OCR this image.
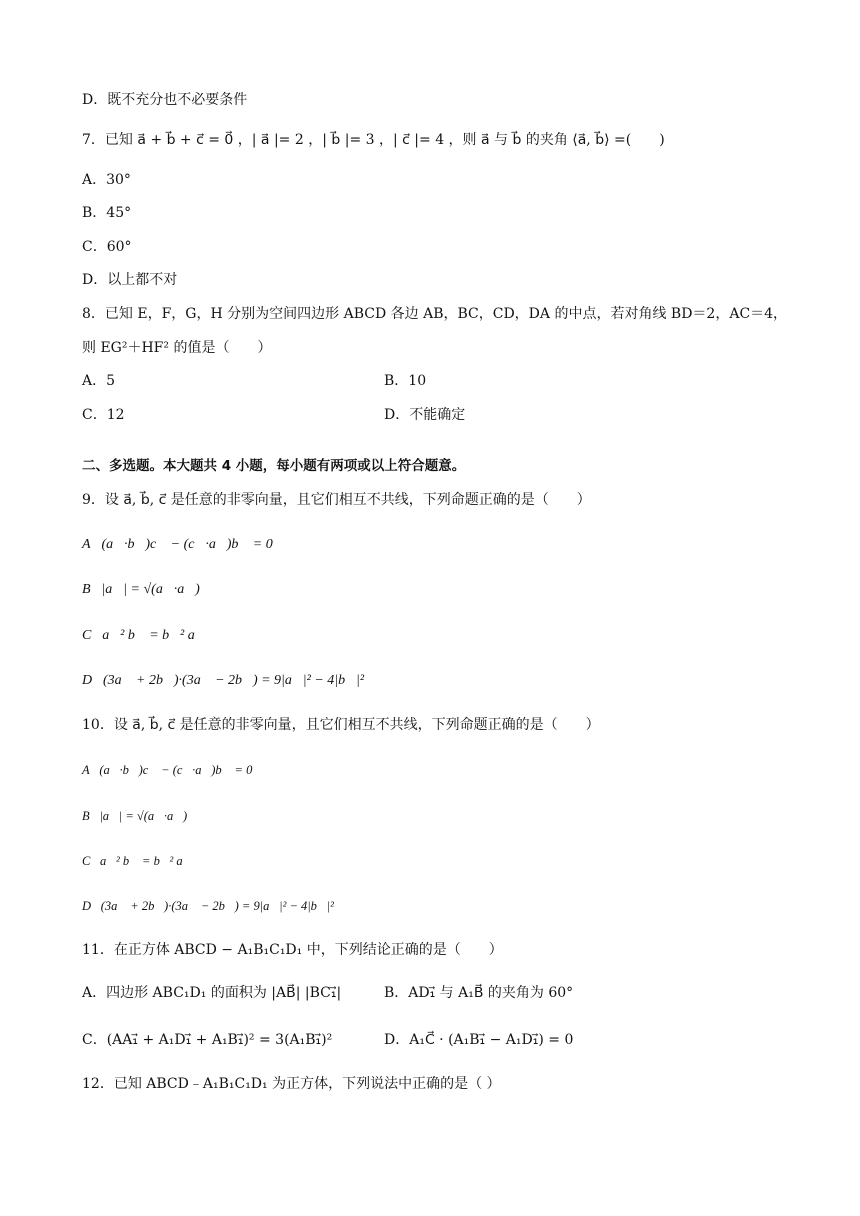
D．既不充分也不必要条件
7．已知 a⃗ + b⃗ + c⃗ = 0⃗ ，| a⃗ |= 2 ，| b⃗ |= 3 ，| c⃗ |= 4 ，则 a⃗ 与 b⃗ 的夹角 ⟨a⃗, b⃗⟩ =(　　)
A．30°
B．45°
C．60°
D．以上都不对
8．已知 E，F，G，H 分别为空间四边形 ABCD 各边 AB，BC，CD，DA 的中点，若对角线 BD＝2，AC＝4，
则 EG²＋HF² 的值是（　　）
A．5	B．10
C．12	D．不能确定
二、多选题。本大题共 4 小题，每小题有两项或以上符合题意。
9．设 a⃗, b⃗, c⃗ 是任意的非零向量，且它们相互不共线，下列命题正确的是（　　）
A．(a⃗·b⃗)c⃗ − (c⃗·a⃗)b⃗ = 0
B．|a⃗| = √(a⃗·a⃗)
C．a⃗² b⃗ = b⃗² a⃗
D．(3a⃗ + 2b⃗)·(3a⃗ − 2b⃗) = 9|a⃗|² − 4|b⃗|²
10．设 a⃗, b⃗, c⃗ 是任意的非零向量，且它们相互不共线，下列命题正确的是（　　）
A．(a⃗·b⃗)c⃗ − (c⃗·a⃗)b⃗ = 0
B．|a⃗| = √(a⃗·a⃗)
C．a⃗² b⃗ = b⃗² a⃗
D．(3a⃗ + 2b⃗)·(3a⃗ − 2b⃗) = 9|a⃗|² − 4|b⃗|²
11．在正方体 ABCD − A₁B₁C₁D₁ 中，下列结论正确的是（　　）
A．四边形 ABC₁D₁ 的面积为 |AB⃗| |BC₁⃗|	B．AD₁⃗ 与 A₁B⃗ 的夹角为 60°
C．(AA₁⃗ + A₁D₁⃗ + A₁B₁⃗)² = 3(A₁B₁⃗)²	D．A₁C⃗ · (A₁B₁⃗ − A₁D₁⃗) = 0
12．已知 ABCD﹣A₁B₁C₁D₁ 为正方体，下列说法中正确的是（ ）
